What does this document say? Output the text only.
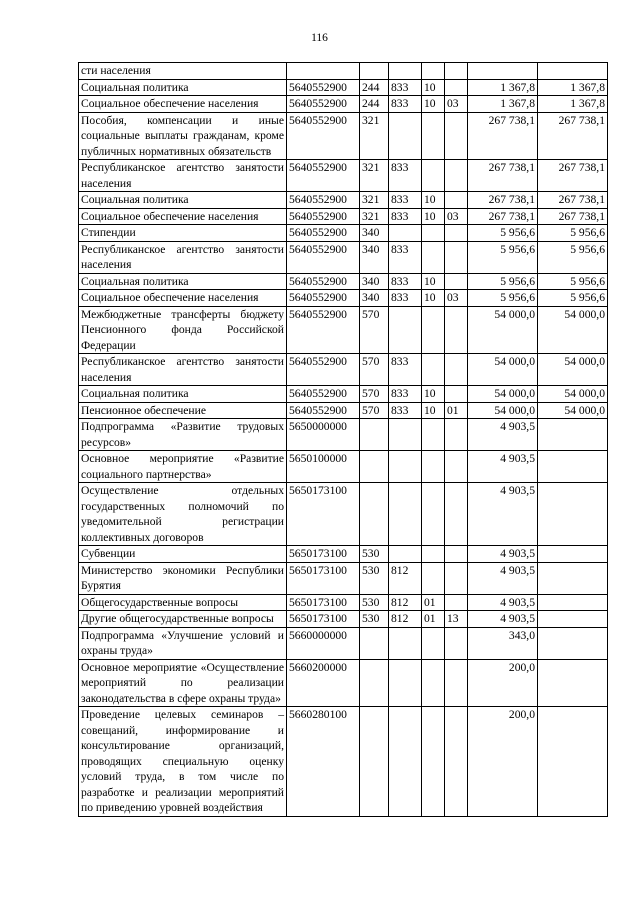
116
сти населения							
Социальная политика	5640552900	244	833	10		1 367,8	1 367,8
Социальное обеспечение населения	5640552900	244	833	10	03	1 367,8	1 367,8
Пособия, компенсации и иные социальные выплаты гражданам, кроме публичных нормативных обязательств	5640552900	321				267 738,1	267 738,1
Республиканское агентство занятости населения	5640552900	321	833			267 738,1	267 738,1
Социальная политика	5640552900	321	833	10		267 738,1	267 738,1
Социальное обеспечение населения	5640552900	321	833	10	03	267 738,1	267 738,1
Стипендии	5640552900	340				5 956,6	5 956,6
Республиканское агентство занятости населения	5640552900	340	833			5 956,6	5 956,6
Социальная политика	5640552900	340	833	10		5 956,6	5 956,6
Социальное обеспечение населения	5640552900	340	833	10	03	5 956,6	5 956,6
Межбюджетные трансферты бюджету Пенсионного фонда Российской Федерации	5640552900	570				54 000,0	54 000,0
Республиканское агентство занятости населения	5640552900	570	833			54 000,0	54 000,0
Социальная политика	5640552900	570	833	10		54 000,0	54 000,0
Пенсионное обеспечение	5640552900	570	833	10	01	54 000,0	54 000,0
Подпрограмма «Развитие трудовых ресурсов»	5650000000					4 903,5	
Основное мероприятие «Развитие социального партнерства»	5650100000					4 903,5	
Осуществление отдельных государственных полномочий по уведомительной регистрации коллективных договоров	5650173100					4 903,5	
Субвенции	5650173100	530				4 903,5	
Министерство экономики Республики Бурятия	5650173100	530	812			4 903,5	
Общегосударственные вопросы	5650173100	530	812	01		4 903,5	
Другие общегосударственные вопросы	5650173100	530	812	01	13	4 903,5	
Подпрограмма «Улучшение условий и охраны труда»	5660000000					343,0	
Основное мероприятие «Осуществление мероприятий по реализации законодательства в сфере охраны труда»	5660200000					200,0	
Проведение целевых семинаров – совещаний, информирование и консультирование организаций, проводящих специальную оценку условий труда, в том числе по разработке и реализации мероприятий по приведению уровней воздействия	5660280100					200,0	
